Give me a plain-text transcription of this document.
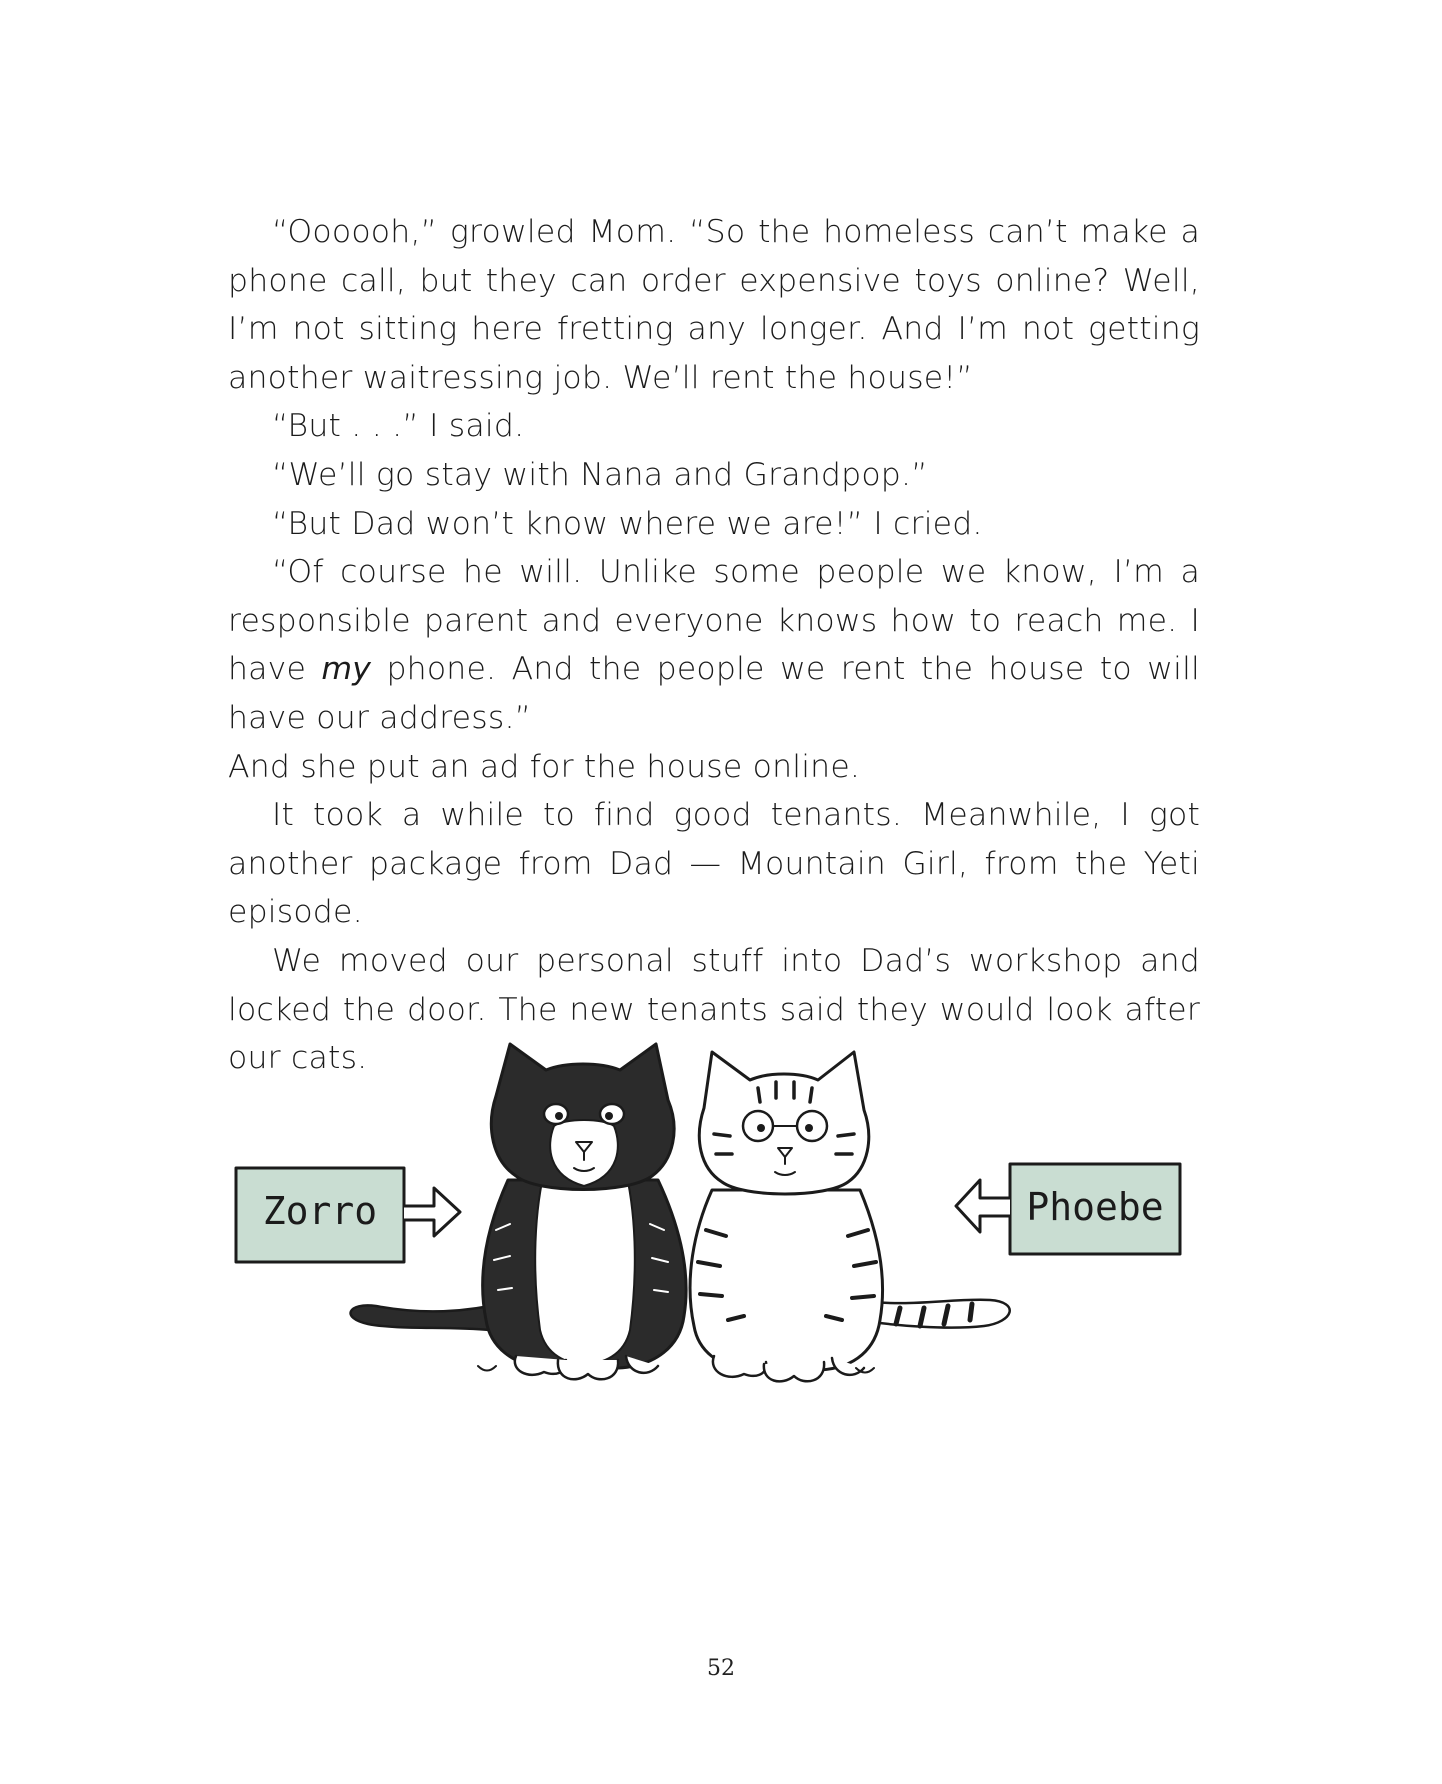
“Oooooh,” growled Mom. “So the homeless can’t make a phone call, but they can order expensive toys online? Well, I’m not sitting here fretting any longer. And I’m not getting another waitressing job. We’ll rent the house!”

“But . . .” I said.

“We’ll go stay with Nana and Grandpop.”

“But Dad won’t know where we are!” I cried.

“Of course he will. Unlike some people we know, I’m a responsible parent and everyone knows how to reach me. I have my phone. And the people we rent the house to will have our address.”

And she put an ad for the house online.

It took a while to find good tenants. Meanwhile, I got another package from Dad — Mountain Girl, from the Yeti episode.

We moved our personal stuff into Dad’s workshop and locked the door. The new tenants said they would look after our cats.

Zorro	Phoebe
52
